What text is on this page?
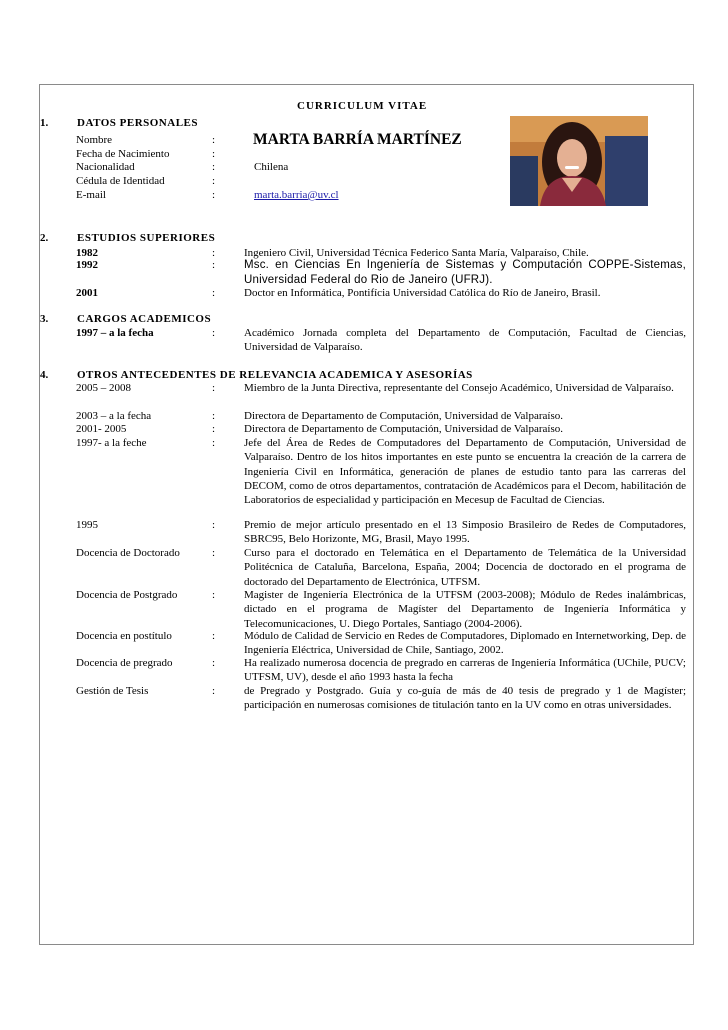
CURRICULUM VITAE
1.	DATOS PERSONALES
Nombre	: MARTA BARRÍA MARTÍNEZ
Fecha de Nacimiento	:
Nacionalidad	:	Chilena
Cédula de Identidad	:
E-mail	:	marta.barria@uv.cl
2.	ESTUDIOS SUPERIORES
1982	:	Ingeniero Civil, Universidad Técnica Federico Santa María, Valparaíso, Chile.
1992	:	Msc. en Ciencias En Ingeniería de Sistemas y Computación COPPE-Sistemas, Universidad Federal do Rio de Janeiro (UFRJ).
2001	:	Doctor en Informática, Pontifícia Universidad Católica do Río de Janeiro, Brasil.
3.	CARGOS ACADEMICOS
1997 – a la fecha	:	Académico Jornada completa del Departamento de Computación, Facultad de Ciencias, Universidad de Valparaíso.
4.	OTROS ANTECEDENTES DE RELEVANCIA ACADEMICA Y ASESORÍAS
2005 – 2008	:	Miembro de la Junta Directiva, representante del Consejo Académico, Universidad de Valparaíso.
2003 – a la fecha	:	Directora de Departamento de Computación, Universidad de Valparaíso.
2001- 2005	:	Directora de Departamento de Computación, Universidad de Valparaíso.
1997- a la feche	:	Jefe del Área de Redes de Computadores del Departamento de Computación, Universidad de Valparaíso. Dentro de los hitos importantes en este punto se encuentra la creación de la carrera de Ingeniería Civil en Informática, generación de planes de estudio tanto para las carreras del DECOM, como de otros departamentos, contratación de Académicos para el Decom, habilitación de Laboratorios de especialidad y participación en Mecesup de Facultad de Ciencias.
1995	:	Premio de mejor artículo presentado en el 13 Simposio Brasileiro de Redes de Computadores, SBRC95, Belo Horizonte, MG, Brasil, Mayo 1995.
Docencia de Doctorado	:	Curso para el doctorado en Telemática en el Departamento de Telemática de la Universidad Politécnica de Cataluña, Barcelona, España, 2004; Docencia de doctorado en el programa de doctorado del Departamento de Electrónica, UTFSM.
Docencia de Postgrado	:	Magister de Ingeniería Electrónica de la UTFSM (2003-2008); Módulo de Redes inalámbricas, dictado en el programa de Magíster del Departamento de Ingeniería Informática y Telecomunicaciones, U. Diego Portales, Santiago (2004-2006).
Docencia en postítulo	:	Módulo de Calidad de Servicio en Redes de Computadores, Diplomado en Internetworking, Dep. de Ingeniería Eléctrica, Universidad de Chile, Santiago, 2002.
Docencia de pregrado	:	Ha realizado numerosa docencia de pregrado en carreras de Ingeniería Informática (UChile, PUCV; UTFSM, UV), desde el año 1993 hasta la fecha
Gestión de Tesis	:	de Pregrado y Postgrado. Guía y co-guía de más de 40 tesis de pregrado y 1 de Magíster; participación en numerosas comisiones de titulación tanto en la UV como en otras universidades.
